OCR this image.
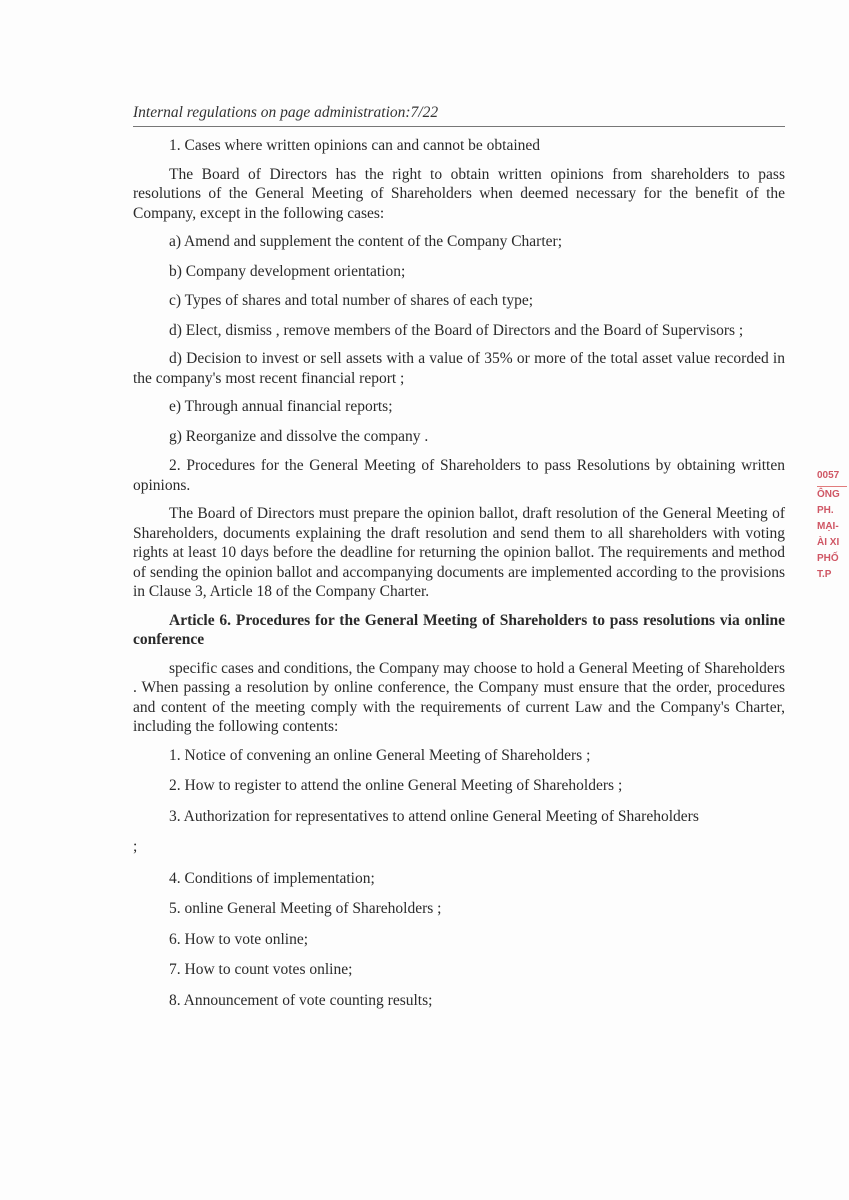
Internal regulations on page administration:7/22

1. Cases where written opinions can and cannot be obtained

The Board of Directors has the right to obtain written opinions from shareholders to pass resolutions of the General Meeting of Shareholders when deemed necessary for the benefit of the Company, except in the following cases:

a) Amend and supplement the content of the Company Charter;

b) Company development orientation;

c) Types of shares and total number of shares of each type;

d) Elect, dismiss , remove members of the Board of Directors and the Board of Supervisors ;

d) Decision to invest or sell assets with a value of 35% or more of the total asset value recorded in the company's most recent financial report ;

e) Through annual financial reports;

g) Reorganize and dissolve the company .

2. Procedures for the General Meeting of Shareholders to pass Resolutions by obtaining written opinions.

The Board of Directors must prepare the opinion ballot, draft resolution of the General Meeting of Shareholders, documents explaining the draft resolution and send them to all shareholders with voting rights at least 10 days before the deadline for returning the opinion ballot. The requirements and method of sending the opinion ballot and accompanying documents are implemented according to the provisions in Clause 3, Article 18 of the Company Charter.

Article 6. Procedures for the General Meeting of Shareholders to pass resolutions via online conference

specific cases and conditions, the Company may choose to hold a General Meeting of Shareholders . When passing a resolution by online conference, the Company must ensure that the order, procedures and content of the meeting comply with the requirements of current Law and the Company's Charter, including the following contents:

1. Notice of convening an online General Meeting of Shareholders ;

2. How to register to attend the online General Meeting of Shareholders ;

3. Authorization for representatives to attend online General Meeting of Shareholders

;

4. Conditions of implementation;

5. online General Meeting of Shareholders ;

6. How to vote online;

7. How to count votes online;

8. Announcement of vote counting results;

0057
ÔNG
PH.
MẠI-
ÀI XI
PHỐ
T.P
